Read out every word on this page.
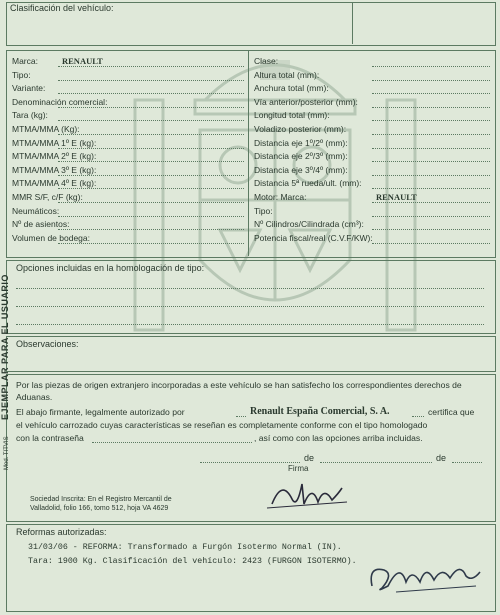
Clasificación del vehículo:
Marca:	RENAULT
Tipo:
Variante:
Denominación comercial:
Tara (kg):
MTMA/MMA (Kg):
MTMA/MMA 1º E (kg):
MTMA/MMA 2º E (kg):
MTMA/MMA 3º E (kg):
MTMA/MMA 4º E (kg):
MMR S/F, c/F (kg):
Neumáticos:
Nº de asientos:
Volumen de bodega:
Clase:
Altura total (mm):
Anchura total (mm):
Vía anterior/posterior (mm):
Longitud total (mm):
Voladizo posterior (mm):
Distancia eje 1º/2º (mm):
Distancia eje 2º/3º (mm):
Distancia eje 3º/4º (mm):
Distancia 5ª rueda/ult. (mm):
Motor: Marca:	RENAULT
Tipo:
Nº Cilindros/Cilindrada (cm³):
Potencia fiscal/real (C.V.F/KW):
Opciones incluidas en la homologación de tipo:
Observaciones:
Por las piezas de origen extranjero incorporadas a este vehículo se han satisfecho los correspondientes derechos de Aduanas.
El abajo firmante, legalmente autorizado por	Renault España Comercial, S. A.	certifica que
el vehículo carrozado cuyas características se reseñan es completamente conforme con el tipo homologado
con la contraseña	, así como con las opciones arriba incluidas.
de	de
Firma
Sociedad Inscrita: En el Registro Mercantil de Valladolid, folio 166, tomo 512, hoja VA 4629
Reformas autorizadas:
31/03/06 - REFORMA: Transformado a Furgón Isotermo Normal (IN).
Tara: 1900 Kg. Clasificación del vehículo: 2423 (FURGON ISOTERMO).
EJEMPLAR PARA EL USUARIO
Mod. TITVIS
